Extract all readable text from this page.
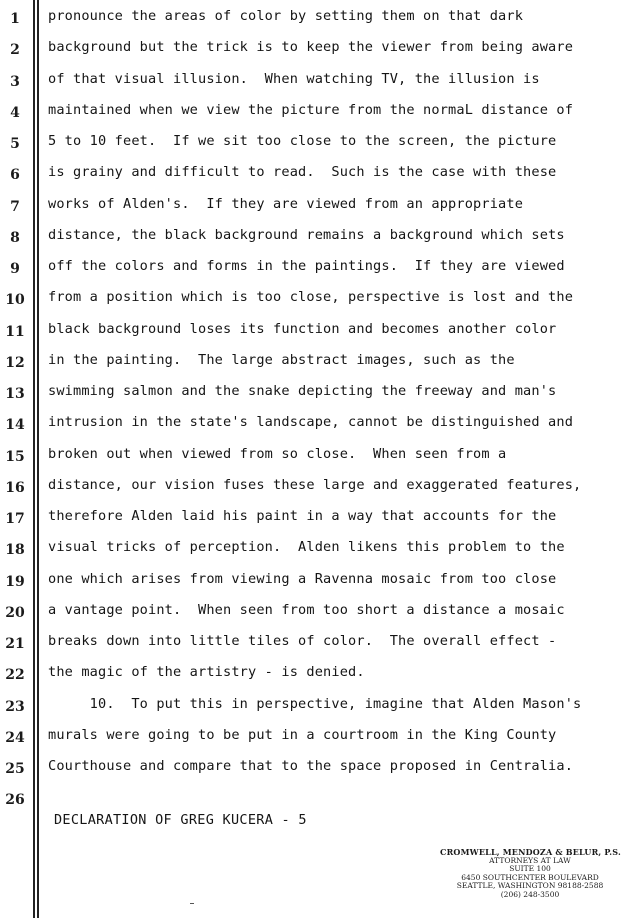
1
2
3
4
5
6
7
8
9
10
11
12
13
14
15
16
17
18
19
20
21
22
23
24
25
26
pronounce the areas of color by setting them on that dark
background but the trick is to keep the viewer from being aware
of that visual illusion.  When watching TV, the illusion is
maintained when we view the picture from the normaL distance of
5 to 10 feet.  If we sit too close to the screen, the picture
is grainy and difficult to read.  Such is the case with these
works of Alden's.  If they are viewed from an appropriate
distance, the black background remains a background which sets
off the colors and forms in the paintings.  If they are viewed
from a position which is too close, perspective is lost and the
black background loses its function and becomes another color
in the painting.  The large abstract images, such as the
swimming salmon and the snake depicting the freeway and man's
intrusion in the state's landscape, cannot be distinguished and
broken out when viewed from so close.  When seen from a
distance, our vision fuses these large and exaggerated features,
therefore Alden laid his paint in a way that accounts for the
visual tricks of perception.  Alden likens this problem to the
one which arises from viewing a Ravenna mosaic from too close
a vantage point.  When seen from too short a distance a mosaic
breaks down into little tiles of color.  The overall effect -
the magic of the artistry - is denied.
10.  To put this in perspective, imagine that Alden Mason's
murals were going to be put in a courtroom in the King County
Courthouse and compare that to the space proposed in Centralia.
DECLARATION OF GREG KUCERA - 5
CROMWELL, MENDOZA & BELUR, P.S.
ATTORNEYS AT LAW
SUITE 100
6450 SOUTHCENTER BOULEVARD
SEATTLE, WASHINGTON 98188-2588
(206) 248-3500
